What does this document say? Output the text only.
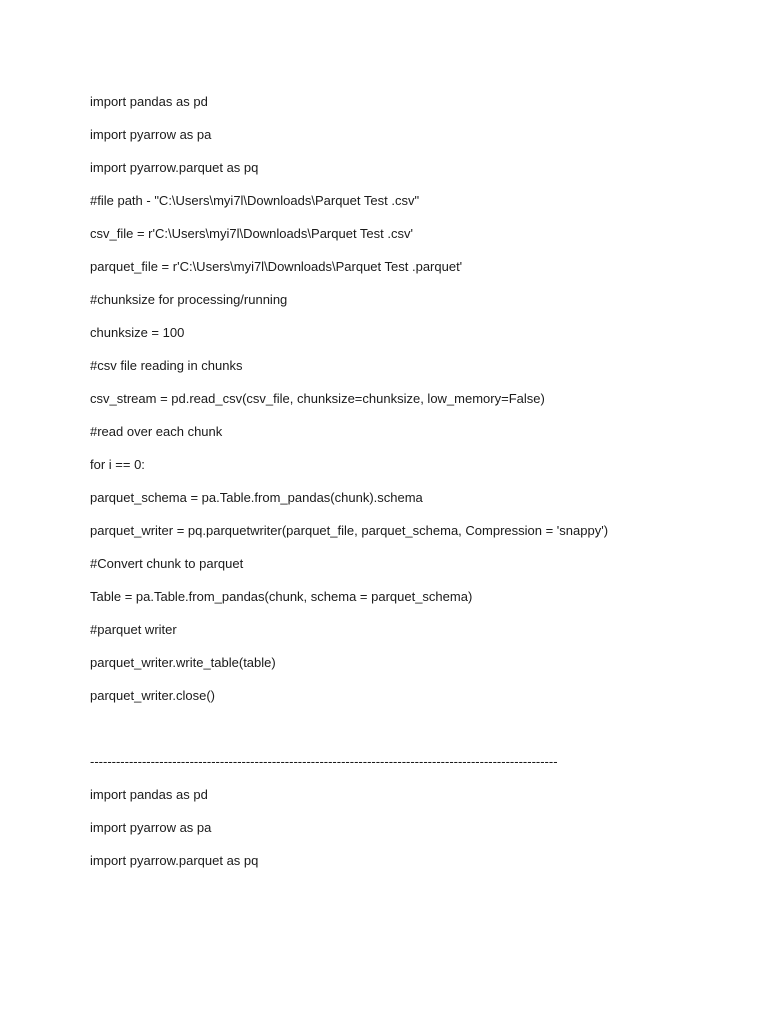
import pandas as pd
import pyarrow as pa
import pyarrow.parquet as pq
#file path - "C:\Users\myi7l\Downloads\Parquet Test .csv"
csv_file = r'C:\Users\myi7l\Downloads\Parquet Test .csv'
parquet_file = r'C:\Users\myi7l\Downloads\Parquet Test .parquet'
#chunksize for processing/running
chunksize = 100
#csv file reading in chunks
csv_stream = pd.read_csv(csv_file, chunksize=chunksize, low_memory=False)
#read over each chunk
for i == 0:
parquet_schema = pa.Table.from_pandas(chunk).schema
parquet_writer = pq.parquetwriter(parquet_file, parquet_schema, Compression = 'snappy')
#Convert chunk to parquet
Table = pa.Table.from_pandas(chunk, schema = parquet_schema)
#parquet writer
parquet_writer.write_table(table)
parquet_writer.close()
------------------------------------------------------------------------------------------------------------
import pandas as pd
import pyarrow as pa
import pyarrow.parquet as pq
